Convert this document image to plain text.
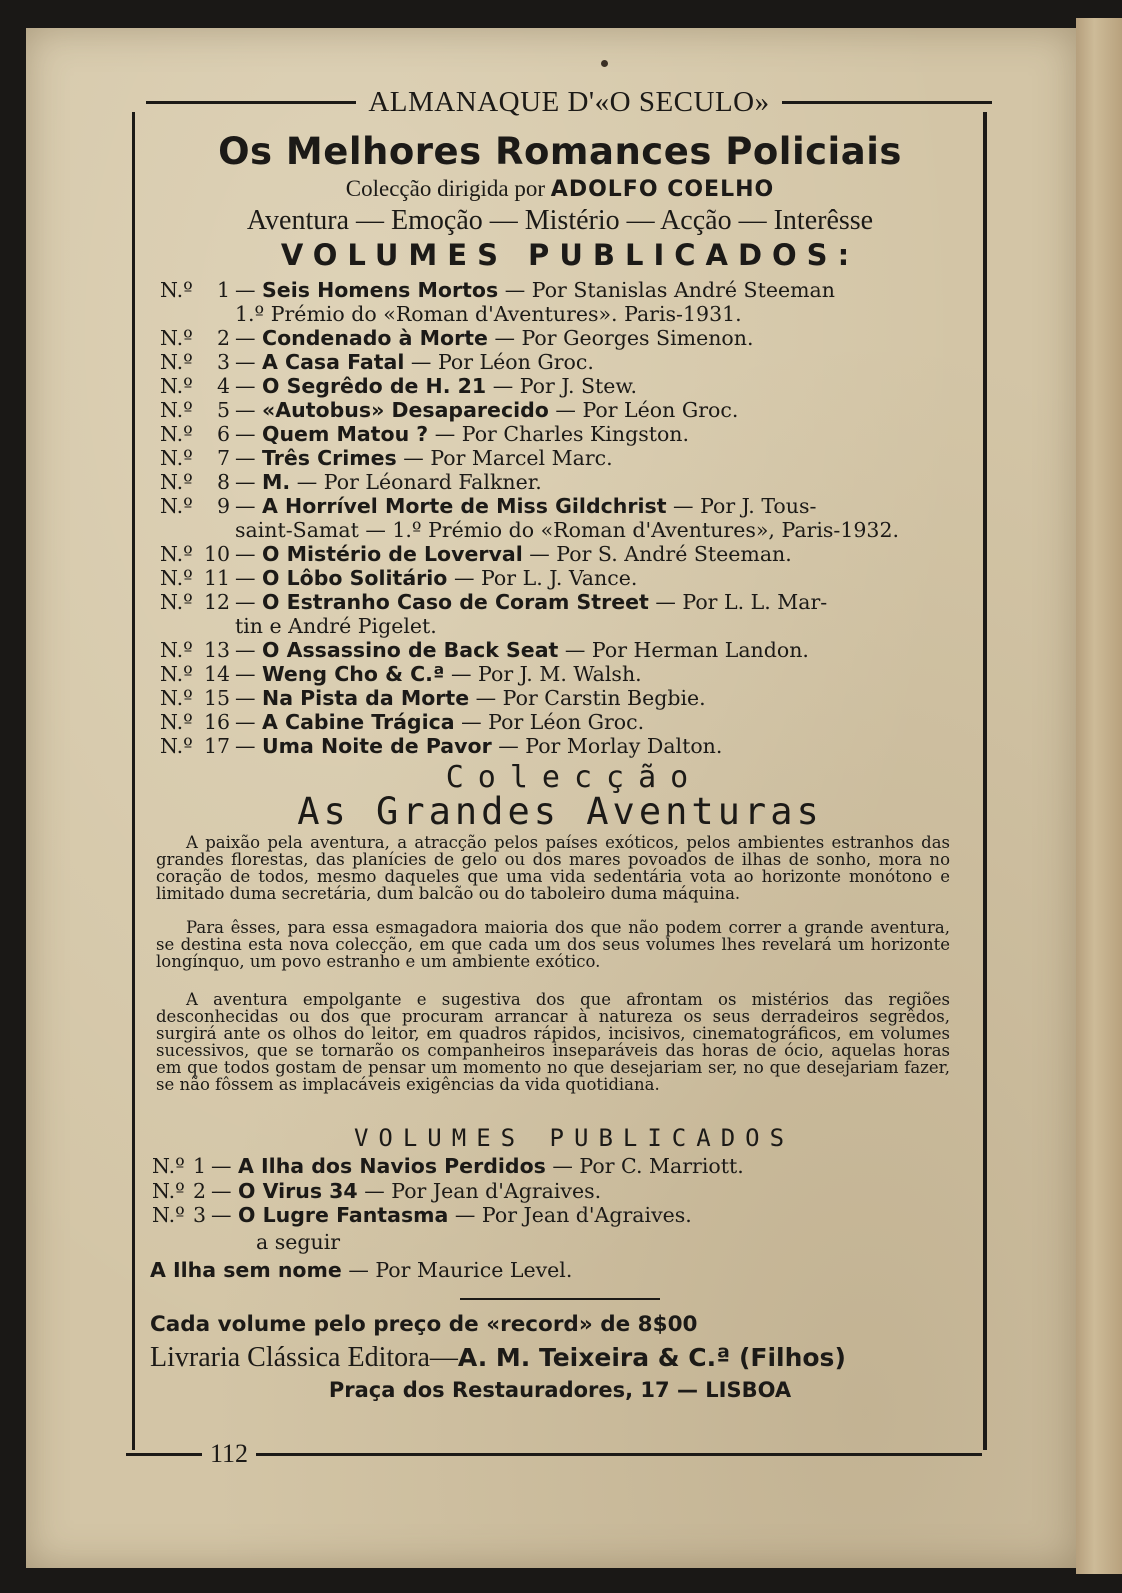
ALMANAQUE D'«O SECULO»
Os Melhores Romances Policiais
Colecção dirigida por ADOLFO COELHO
Aventura — Emoção — Mistério — Acção — Interêsse
VOLUMES PUBLICADOS:
N.º	1 — Seis Homens Mortos — Por Stanislas André Steeman
1.º Prémio do «Roman d'Aventures». Paris-1931.
N.º	2 — Condenado à Morte — Por Georges Simenon.
N.º	3 — A Casa Fatal — Por Léon Groc.
N.º	4 — O Segrêdo de H. 21 — Por J. Stew.
N.º	5 — «Autobus» Desaparecido — Por Léon Groc.
N.º	6 — Quem Matou ? — Por Charles Kingston.
N.º	7 — Três Crimes — Por Marcel Marc.
N.º	8 — M. — Por Léonard Falkner.
N.º	9 — A Horrível Morte de Miss Gildchrist — Por J. Tous-
saint-Samat — 1.º Prémio do «Roman d'Aventures», Paris-1932.
N.º 10 — O Mistério de Loverval — Por S. André Steeman.
N.º 11 — O Lôbo Solitário — Por L. J. Vance.
N.º 12 — O Estranho Caso de Coram Street — Por L. L. Mar-
tin e André Pigelet.
N.º 13 — O Assassino de Back Seat — Por Herman Landon.
N.º 14 — Weng Cho & C.ª — Por J. M. Walsh.
N.º 15 — Na Pista da Morte — Por Carstin Begbie.
N.º 16 — A Cabine Trágica — Por Léon Groc.
N.º 17 — Uma Noite de Pavor — Por Morlay Dalton.
Colecção
As Grandes Aventuras
A paixão pela aventura, a atracção pelos países exóticos, pelos ambientes estranhos das grandes florestas, das planícies de gelo ou dos mares povoados de ilhas de sonho, mora no coração de todos, mesmo daqueles que uma vida sedentária vota ao horizonte monótono e limitado duma secretária, dum balcão ou do taboleiro duma máquina.
Para êsses, para essa esmagadora maioria dos que não podem correr a grande aventura, se destina esta nova colecção, em que cada um dos seus volumes lhes revelará um horizonte longínquo, um povo estranho e um ambiente exótico.
A aventura empolgante e sugestiva dos que afrontam os mistérios das regiões desconhecidas ou dos que procuram arrancar à natureza os seus derradeiros segrêdos, surgirá ante os olhos do leitor, em quadros rápidos, incisivos, cinematográficos, em volumes sucessivos, que se tornarão os companheiros inseparáveis das horas de ócio, aquelas horas em que todos gostam de pensar um momento no que desejariam ser, no que desejariam fazer, se não fôssem as implacáveis exigências da vida quotidiana.
VOLUMES PUBLICADOS
N.º 1 — A Ilha dos Navios Perdidos — Por C. Marriott.
N.º 2 — O Virus 34 — Por Jean d'Agraives.
N.º 3 — O Lugre Fantasma — Por Jean d'Agraives.
a seguir
A Ilha sem nome — Por Maurice Level.
Cada volume pelo preço de «record» de 8$00
Livraria Clássica Editora—A. M. Teixeira & C.ª (Filhos)
Praça dos Restauradores, 17 — LISBOA
112
